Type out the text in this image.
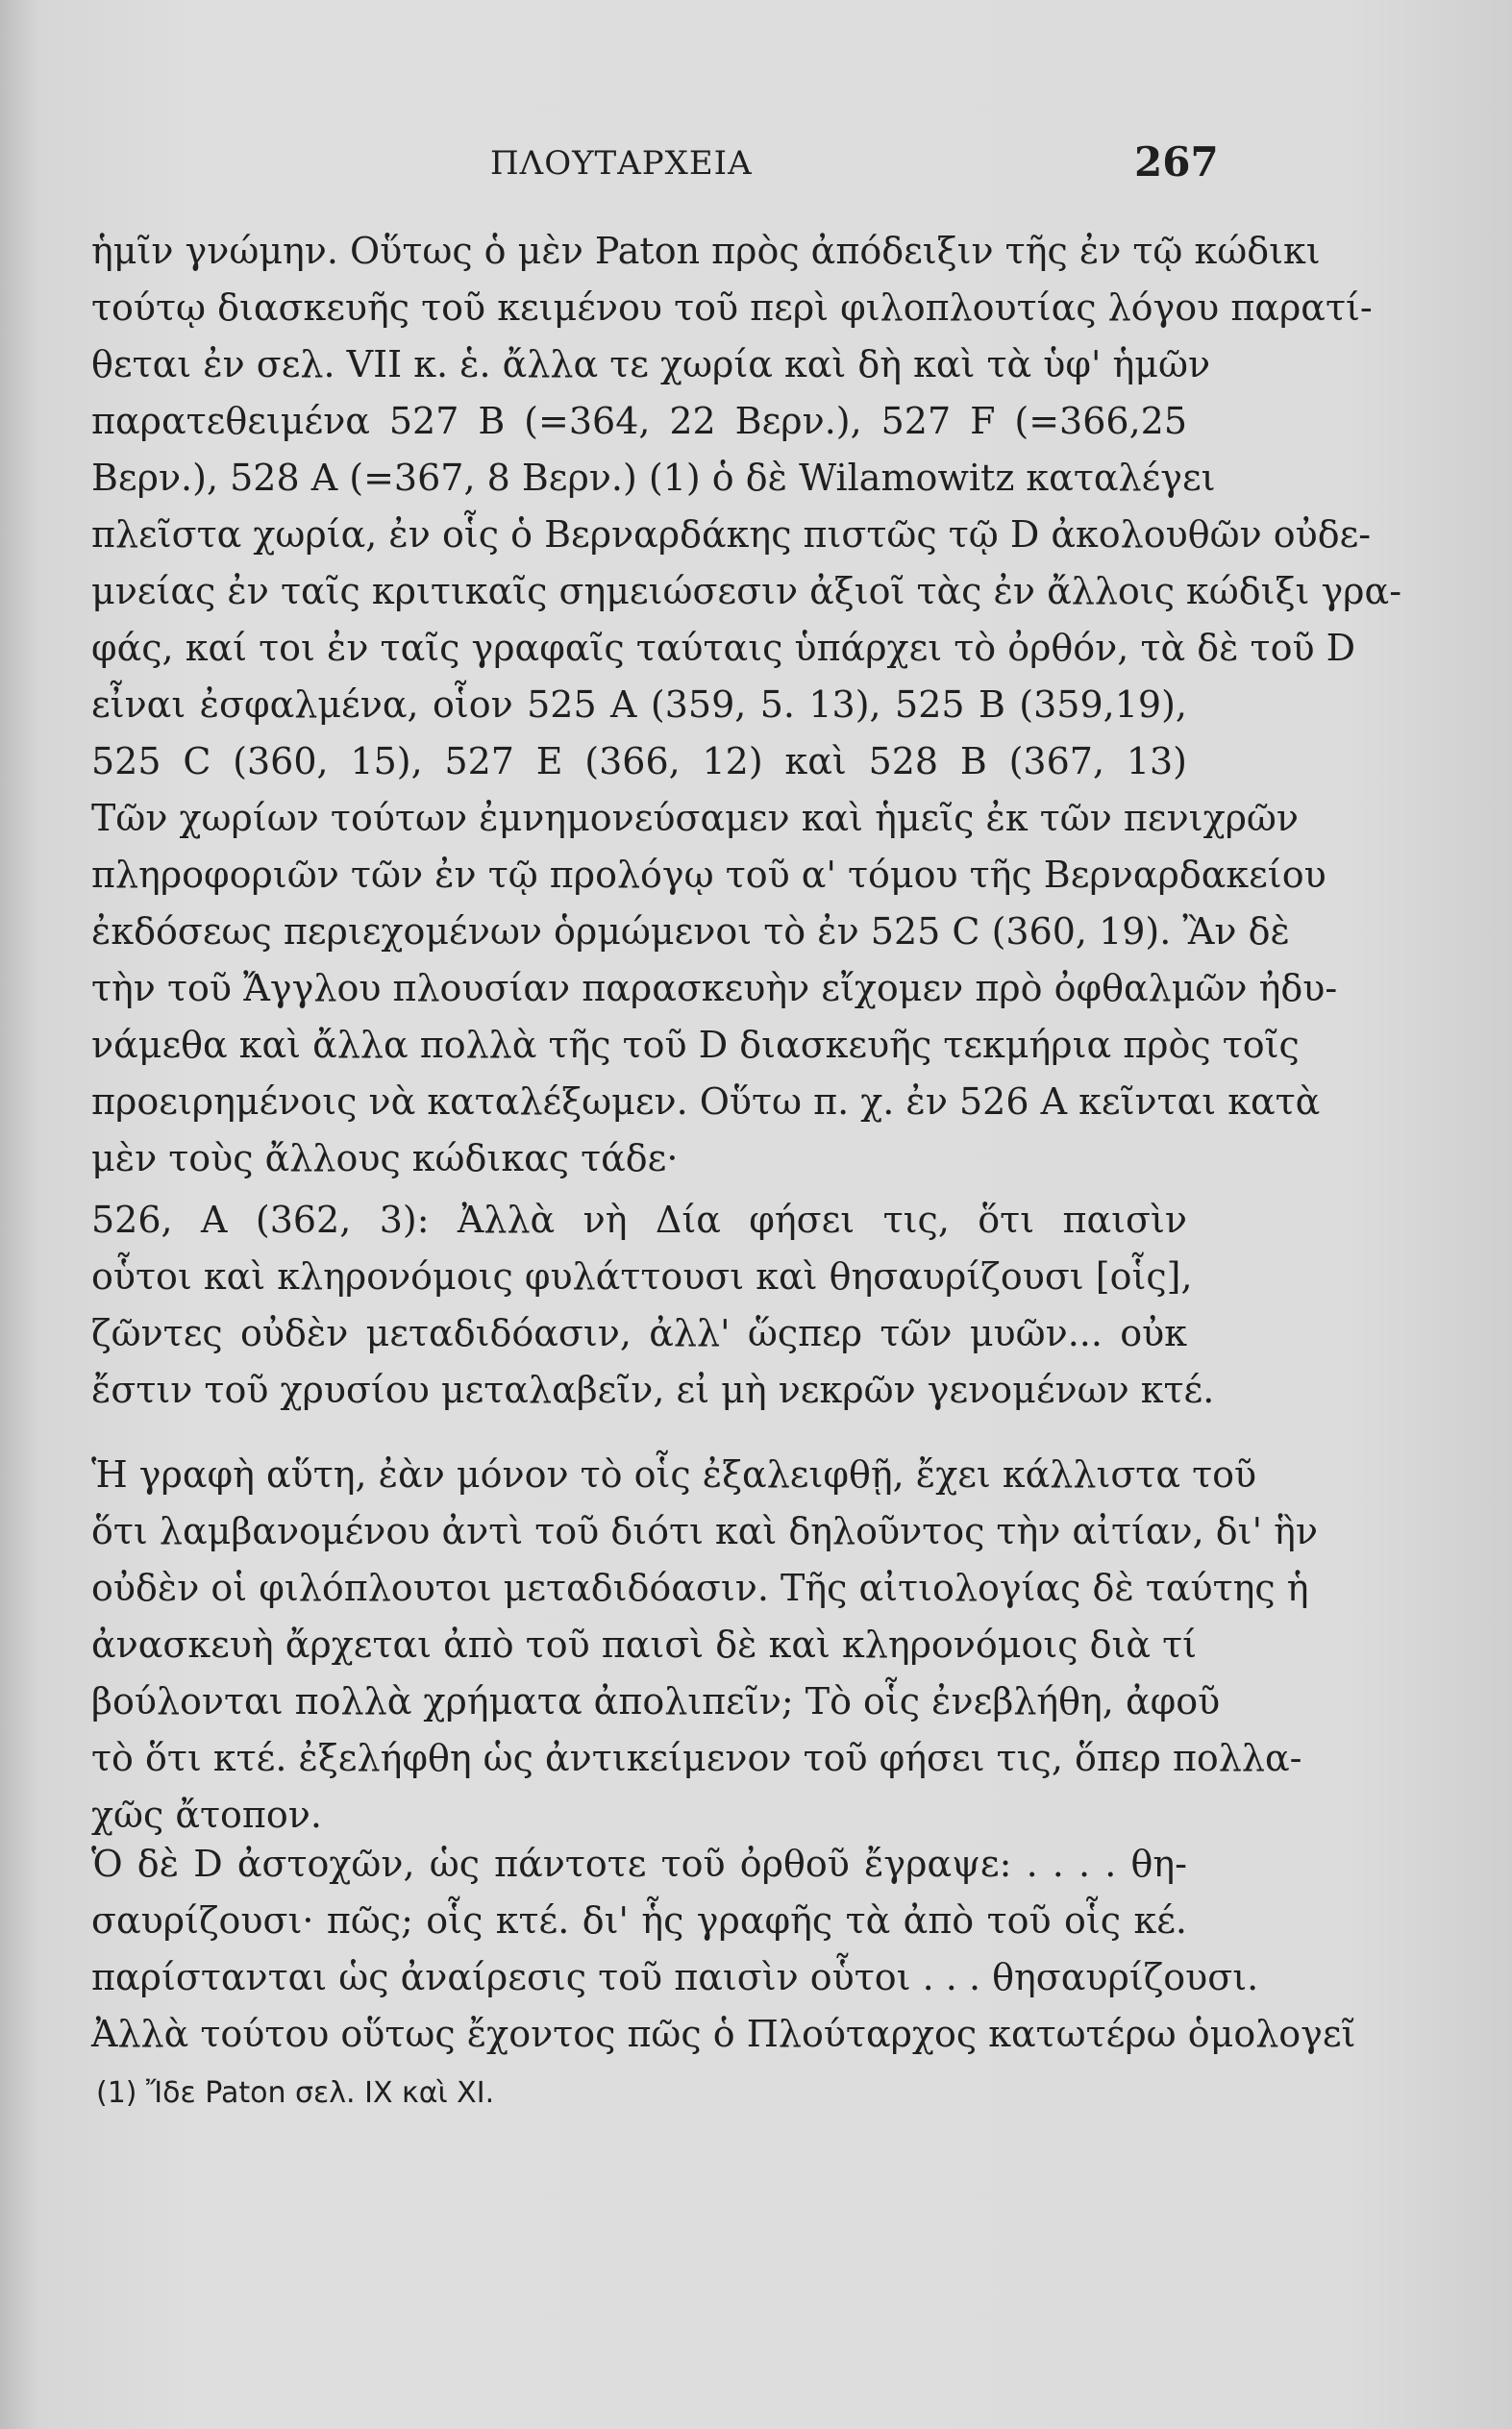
ΠΛΟΥΤΑΡΧΕΙΑ	267
ἡμῖν γνώμην. Οὕτως ὁ μὲν Paton πρὸς ἀπόδειξιν τῆς ἐν τῷ κώδικι
τούτῳ διασκευῆς τοῦ κειμένου τοῦ περὶ φιλοπλουτίας λόγου παρατί-
θεται ἐν σελ. VII κ. ἑ. ἄλλα τε χωρία καὶ δὴ καὶ τὰ ὑφ' ἡμῶν
παρατεθειμένα 527 Β (=364, 22 Βερν.), 527 F (=366,25
Βερν.), 528 Α (=367, 8 Βερν.) (1) ὁ δὲ Wilamowitz καταλέγει
πλεῖστα χωρία, ἐν οἷς ὁ Βερναρδάκης πιστῶς τῷ D ἀκολουθῶν οὐδε-
μνείας ἐν ταῖς κριτικαῖς σημειώσεσιν ἀξιοῖ τὰς ἐν ἄλλοις κώδιξι γρα-
φάς, καί τοι ἐν ταῖς γραφαῖς ταύταις ὑπάρχει τὸ ὀρθόν, τὰ δὲ τοῦ D
εἶναι ἐσφαλμένα, οἷον 525 Α (359, 5. 13), 525 Β (359,19),
525 C (360, 15), 527 Ε (366, 12) καὶ 528 Β (367, 13)
Τῶν χωρίων τούτων ἐμνημονεύσαμεν καὶ ἡμεῖς ἐκ τῶν πενιχρῶν
πληροφοριῶν τῶν ἐν τῷ προλόγῳ τοῦ α' τόμου τῆς Βερναρδακείου
ἐκδόσεως περιεχομένων ὁρμώμενοι τὸ ἐν 525 C (360, 19). Ἂν δὲ
τὴν τοῦ Ἄγγλου πλουσίαν παρασκευὴν εἴχομεν πρὸ ὀφθαλμῶν ἠδυ-
νάμεθα καὶ ἄλλα πολλὰ τῆς τοῦ D διασκευῆς τεκμήρια πρὸς τοῖς
προειρημένοις νὰ καταλέξωμεν. Οὕτω π. χ. ἐν 526 Α κεῖνται κατὰ
μὲν τοὺς ἄλλους κώδικας τάδε·
526, Α (362, 3): Ἀλλὰ νὴ Δία φήσει τις, ὅτι παισὶν
οὗτοι καὶ κληρονόμοις φυλάττουσι καὶ θησαυρίζουσι [οἷς],
ζῶντες οὐδὲν μεταδιδόασιν, ἀλλ' ὥςπερ τῶν μυῶν... οὐκ
ἔστιν τοῦ χρυσίου μεταλαβεῖν, εἰ μὴ νεκρῶν γενομένων κτέ.
Ἡ γραφὴ αὕτη, ἐὰν μόνον τὸ οἷς ἐξαλειφθῇ, ἔχει κάλλιστα τοῦ
ὅτι λαμβανομένου ἀντὶ τοῦ διότι καὶ δηλοῦντος τὴν αἰτίαν, δι' ἣν
οὐδὲν οἱ φιλόπλουτοι μεταδιδόασιν. Τῆς αἰτιολογίας δὲ ταύτης ἡ
ἀνασκευὴ ἄρχεται ἀπὸ τοῦ παισὶ δὲ καὶ κληρονόμοις διὰ τί
βούλονται πολλὰ χρήματα ἀπολιπεῖν; Τὸ οἷς ἐνεβλήθη, ἀφοῦ
τὸ ὅτι κτέ. ἐξελήφθη ὡς ἀντικείμενον τοῦ φήσει τις, ὅπερ πολλα-
χῶς ἄτοπον.
Ὁ δὲ D ἀστοχῶν, ὡς πάντοτε τοῦ ὀρθοῦ ἔγραψε: . . . . θη-
σαυρίζουσι· πῶς; οἷς κτέ. δι' ἧς γραφῆς τὰ ἀπὸ τοῦ οἷς κέ.
παρίστανται ὡς ἀναίρεσις τοῦ παισὶν οὗτοι . . . θησαυρίζουσι.
Ἀλλὰ τούτου οὕτως ἔχοντος πῶς ὁ Πλούταρχος κατωτέρω ὁμολογεῖ
(1) Ἴδε Paton σελ. IX καὶ XI.
